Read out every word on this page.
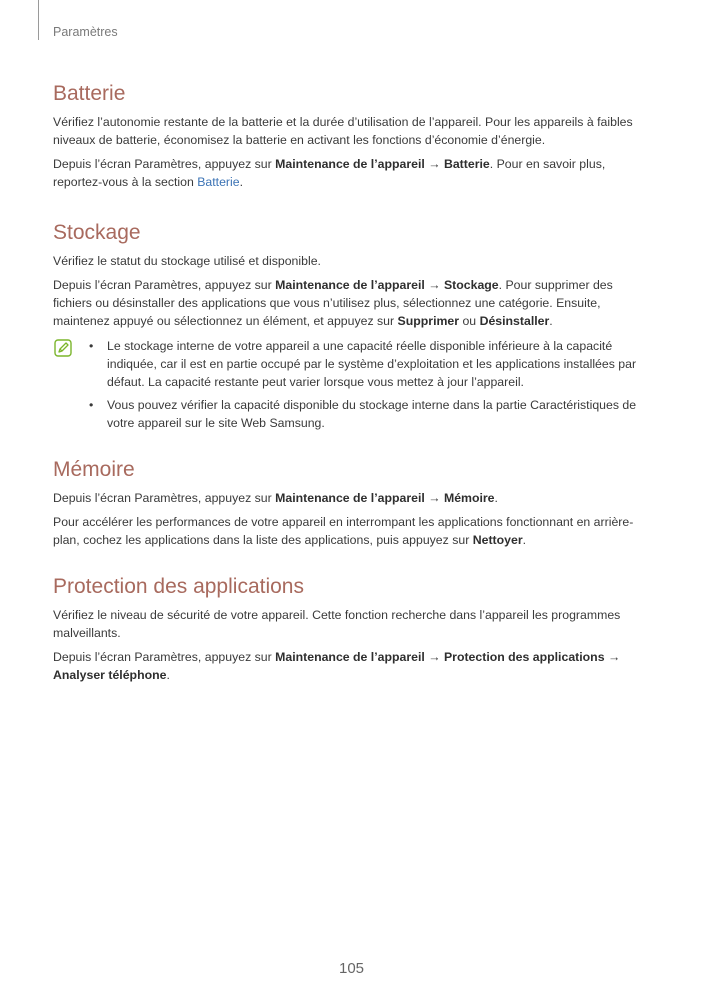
Paramètres
Batterie

Vérifiez l’autonomie restante de la batterie et la durée d’utilisation de l’appareil. Pour les appareils à faibles niveaux de batterie, économisez la batterie en activant les fonctions d’économie d’énergie.

Depuis l’écran Paramètres, appuyez sur Maintenance de l’appareil → Batterie. Pour en savoir plus, reportez-vous à la section Batterie.

Stockage

Vérifiez le statut du stockage utilisé et disponible.

Depuis l’écran Paramètres, appuyez sur Maintenance de l’appareil → Stockage. Pour supprimer des fichiers ou désinstaller des applications que vous n’utilisez plus, sélectionnez une catégorie. Ensuite, maintenez appuyé ou sélectionnez un élément, et appuyez sur Supprimer ou Désinstaller.

• Le stockage interne de votre appareil a une capacité réelle disponible inférieure à la capacité indiquée, car il est en partie occupé par le système d’exploitation et les applications installées par défaut. La capacité restante peut varier lorsque vous mettez à jour l’appareil.
• Vous pouvez vérifier la capacité disponible du stockage interne dans la partie Caractéristiques de votre appareil sur le site Web Samsung.
Mémoire

Depuis l’écran Paramètres, appuyez sur Maintenance de l’appareil → Mémoire.

Pour accélérer les performances de votre appareil en interrompant les applications fonctionnant en arrière-plan, cochez les applications dans la liste des applications, puis appuyez sur Nettoyer.

Protection des applications

Vérifiez le niveau de sécurité de votre appareil. Cette fonction recherche dans l’appareil les programmes malveillants.

Depuis l’écran Paramètres, appuyez sur Maintenance de l’appareil → Protection des applications → Analyser téléphone.

105
